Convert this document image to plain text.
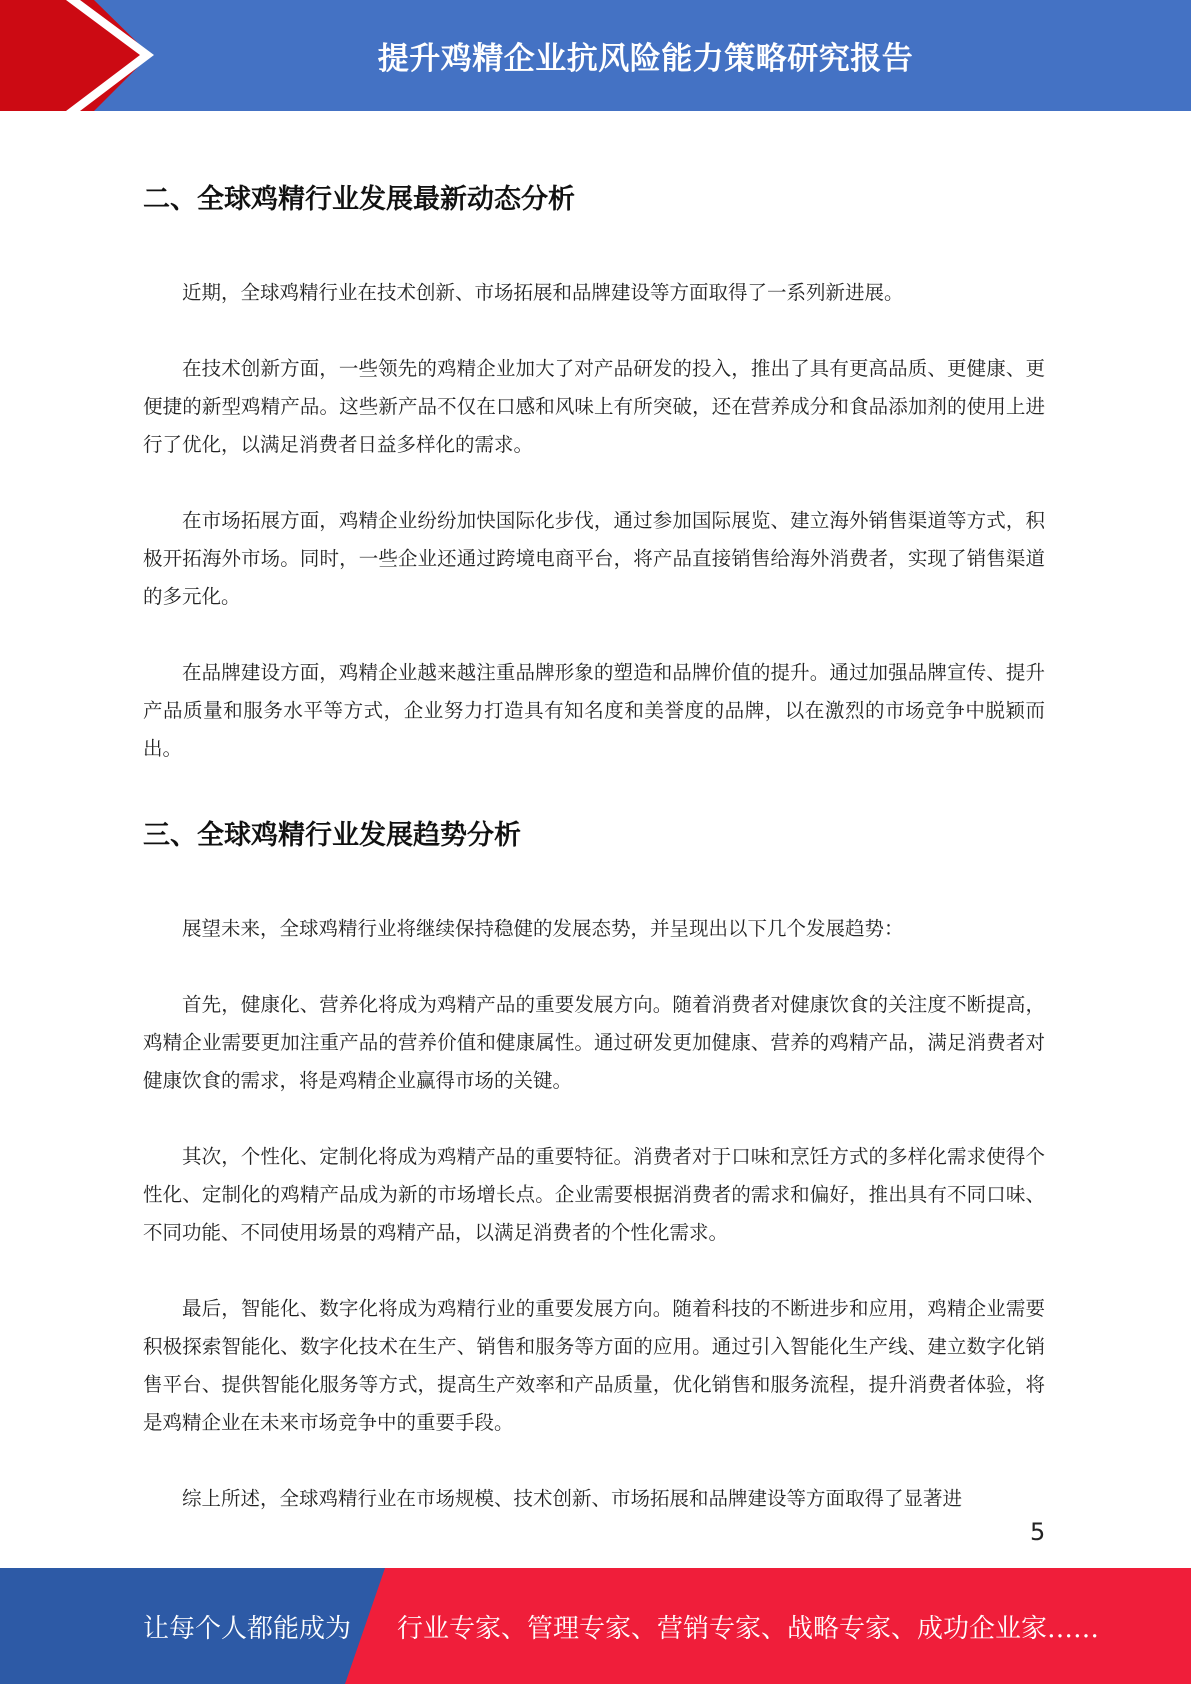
提升鸡精企业抗风险能力策略研究报告
二、全球鸡精行业发展最新动态分析

近期，全球鸡精行业在技术创新、市场拓展和品牌建设等方面取得了一系列新进展。

在技术创新方面，一些领先的鸡精企业加大了对产品研发的投入，推出了具有更高品质、更健康、更便捷的新型鸡精产品。这些新产品不仅在口感和风味上有所突破，还在营养成分和食品添加剂的使用上进行了优化，以满足消费者日益多样化的需求。

在市场拓展方面，鸡精企业纷纷加快国际化步伐，通过参加国际展览、建立海外销售渠道等方式，积极开拓海外市场。同时，一些企业还通过跨境电商平台，将产品直接销售给海外消费者，实现了销售渠道的多元化。

在品牌建设方面，鸡精企业越来越注重品牌形象的塑造和品牌价值的提升。通过加强品牌宣传、提升产品质量和服务水平等方式，企业努力打造具有知名度和美誉度的品牌，以在激烈的市场竞争中脱颖而出。

三、全球鸡精行业发展趋势分析

展望未来，全球鸡精行业将继续保持稳健的发展态势，并呈现出以下几个发展趋势：

首先，健康化、营养化将成为鸡精产品的重要发展方向。随着消费者对健康饮食的关注度不断提高，鸡精企业需要更加注重产品的营养价值和健康属性。通过研发更加健康、营养的鸡精产品，满足消费者对健康饮食的需求，将是鸡精企业赢得市场的关键。

其次，个性化、定制化将成为鸡精产品的重要特征。消费者对于口味和烹饪方式的多样化需求使得个性化、定制化的鸡精产品成为新的市场增长点。企业需要根据消费者的需求和偏好，推出具有不同口味、不同功能、不同使用场景的鸡精产品，以满足消费者的个性化需求。

最后，智能化、数字化将成为鸡精行业的重要发展方向。随着科技的不断进步和应用，鸡精企业需要积极探索智能化、数字化技术在生产、销售和服务等方面的应用。通过引入智能化生产线、建立数字化销售平台、提供智能化服务等方式，提高生产效率和产品质量，优化销售和服务流程，提升消费者体验，将是鸡精企业在未来市场竞争中的重要手段。

综上所述，全球鸡精行业在市场规模、技术创新、市场拓展和品牌建设等方面取得了显著进

5
让每个人都能成为 行业专家、管理专家、营销专家、战略专家、成功企业家……
